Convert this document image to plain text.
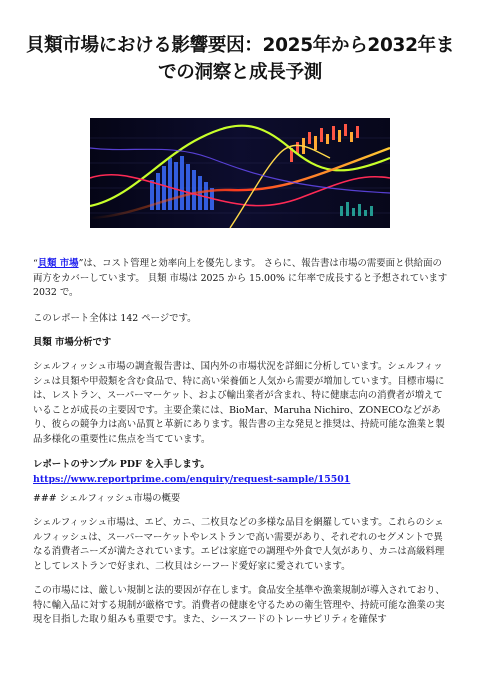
貝類市場における影響要因：2025年から2032年までの洞察と成長予測

“貝類 市場”は、コスト管理と効率向上を優先します。 さらに、報告書は市場の需要面と供給面の両方をカバーしています。 貝類 市場は 2025 から 15.00% に年率で成長すると予想されています2032 で。

このレポート全体は 142 ページです。

貝類 市場分析です

シェルフィッシュ市場の調査報告書は、国内外の市場状況を詳細に分析しています。シェルフィッシュは貝類や甲殻類を含む食品で、特に高い栄養価と人気から需要が増加しています。目標市場には、レストラン、スーパーマーケット、および輸出業者が含まれ、特に健康志向の消費者が増えていることが成長の主要因です。主要企業には、BioMar、Maruha Nichiro、ZONECOなどがあり、彼らの競争力は高い品質と革新にあります。報告書の主な発見と推奨は、持続可能な漁業と製品多様化の重要性に焦点を当てています。

レポートのサンプル PDF を入手します。  https://www.reportprime.com/enquiry/request-sample/15501

### シェルフィッシュ市場の概要

シェルフィッシュ市場は、エビ、カニ、二枚貝などの多様な品目を網羅しています。これらのシェルフィッシュは、スーパーマーケットやレストランで高い需要があり、それぞれのセグメントで異なる消費者ニーズが満たされています。エビは家庭での調理や外食で人気があり、カニは高級料理としてレストランで好まれ、二枚貝はシーフード愛好家に愛されています。

この市場には、厳しい規制と法的要因が存在します。食品安全基準や漁業規制が導入されており、特に輸入品に対する規制が厳格です。消費者の健康を守るための衛生管理や、持続可能な漁業の実現を目指した取り組みも重要です。また、シースフードのトレーサビリティを確保す
